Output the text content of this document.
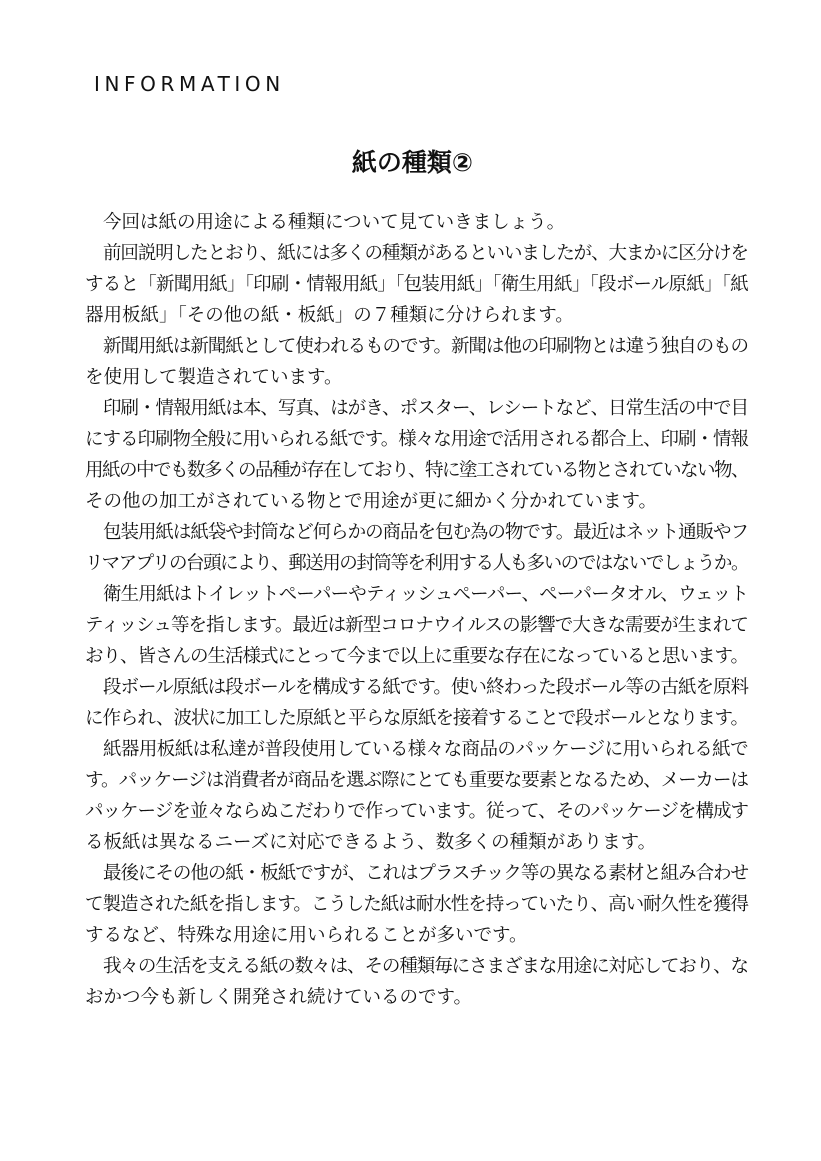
INFORMATION
紙の種類②

今回は紙の用途による種類について見ていきましょう。

前回説明したとおり、紙には多くの種類があるといいましたが、大まかに区分けを
すると「新聞用紙」「印刷・情報用紙」「包装用紙」「衛生用紙」「段ボール原紙」「紙
器用板紙」「その他の紙・板紙」の７種類に分けられます。

新聞用紙は新聞紙として使われるものです。新聞は他の印刷物とは違う独自のもの
を使用して製造されています。

印刷・情報用紙は本、写真、はがき、ポスター、レシートなど、日常生活の中で目
にする印刷物全般に用いられる紙です。様々な用途で活用される都合上、印刷・情報
用紙の中でも数多くの品種が存在しており、特に塗工されている物とされていない物、
その他の加工がされている物とで用途が更に細かく分かれています。

包装用紙は紙袋や封筒など何らかの商品を包む為の物です。最近はネット通販やフ
リマアプリの台頭により、郵送用の封筒等を利用する人も多いのではないでしょうか。

衛生用紙はトイレットペーパーやティッシュペーパー、ペーパータオル、ウェット
ティッシュ等を指します。最近は新型コロナウイルスの影響で大きな需要が生まれて
おり、皆さんの生活様式にとって今まで以上に重要な存在になっていると思います。

段ボール原紙は段ボールを構成する紙です。使い終わった段ボール等の古紙を原料
に作られ、波状に加工した原紙と平らな原紙を接着することで段ボールとなります。

紙器用板紙は私達が普段使用している様々な商品のパッケージに用いられる紙で
す。パッケージは消費者が商品を選ぶ際にとても重要な要素となるため、メーカーは
パッケージを並々ならぬこだわりで作っています。従って、そのパッケージを構成す
る板紙は異なるニーズに対応できるよう、数多くの種類があります。

最後にその他の紙・板紙ですが、これはプラスチック等の異なる素材と組み合わせ
て製造された紙を指します。こうした紙は耐水性を持っていたり、高い耐久性を獲得
するなど、特殊な用途に用いられることが多いです。

我々の生活を支える紙の数々は、その種類毎にさまざまな用途に対応しており、な
おかつ今も新しく開発され続けているのです。
